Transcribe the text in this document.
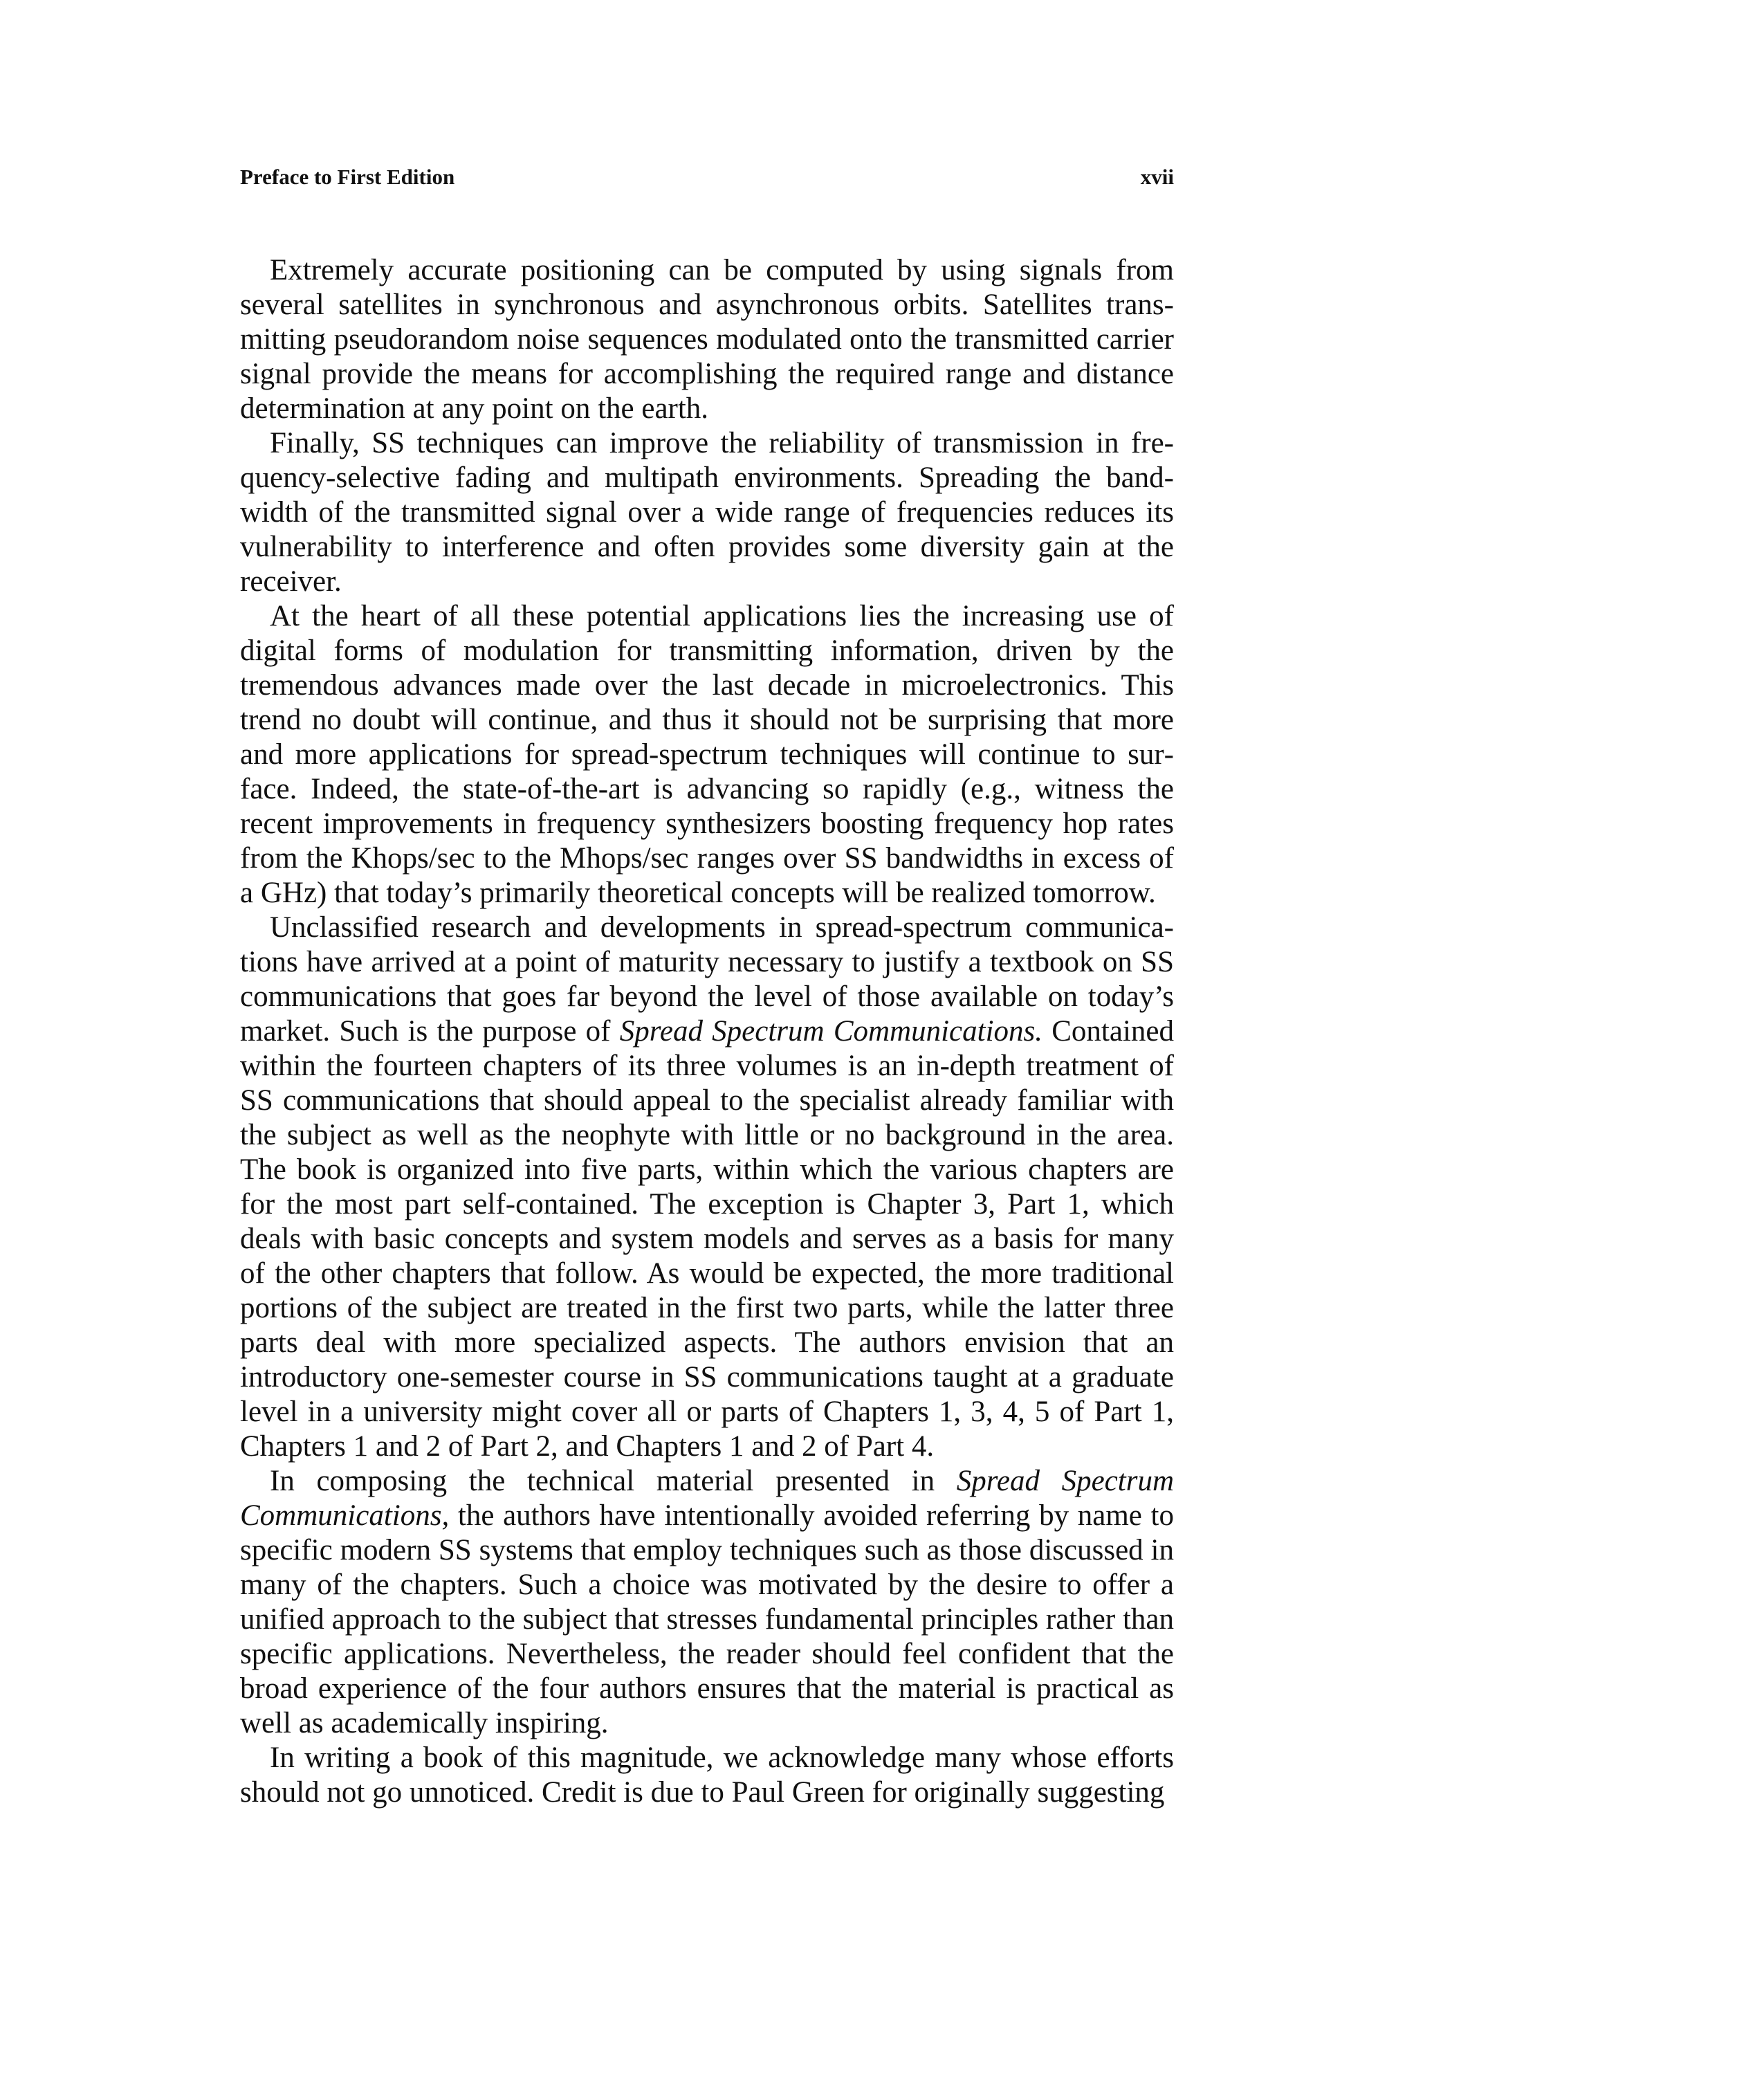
Preface to First Edition	xvii

Extremely accurate positioning can be computed by using signals from several satellites in synchronous and asynchronous orbits. Satellites transmitting pseudorandom noise sequences modulated onto the transmitted carrier signal provide the means for accomplishing the required range and distance determination at any point on the earth.

Finally, SS techniques can improve the reliability of transmission in frequency-selective fading and multipath environments. Spreading the bandwidth of the transmitted signal over a wide range of frequencies reduces its vulnerability to interference and often provides some diversity gain at the receiver.

At the heart of all these potential applications lies the increasing use of digital forms of modulation for transmitting information, driven by the tremendous advances made over the last decade in microelectronics. This trend no doubt will continue, and thus it should not be surprising that more and more applications for spread-spectrum techniques will continue to surface. Indeed, the state-of-the-art is advancing so rapidly (e.g., witness the recent improvements in frequency synthesizers boosting frequency hop rates from the Khops/sec to the Mhops/sec ranges over SS bandwidths in excess of a GHz) that today’s primarily theoretical concepts will be realized tomorrow.

Unclassified research and developments in spread-spectrum communications have arrived at a point of maturity necessary to justify a textbook on SS communications that goes far beyond the level of those available on today’s market. Such is the purpose of Spread Spectrum Communications. Contained within the fourteen chapters of its three volumes is an in-depth treatment of SS communications that should appeal to the specialist already familiar with the subject as well as the neophyte with little or no background in the area. The book is organized into five parts, within which the various chapters are for the most part self-contained. The exception is Chapter 3, Part 1, which deals with basic concepts and system models and serves as a basis for many of the other chapters that follow. As would be expected, the more traditional portions of the subject are treated in the first two parts, while the latter three parts deal with more specialized aspects. The authors envision that an introductory one-semester course in SS communications taught at a graduate level in a university might cover all or parts of Chapters 1, 3, 4, 5 of Part 1, Chapters 1 and 2 of Part 2, and Chapters 1 and 2 of Part 4.

In composing the technical material presented in Spread Spectrum Communications, the authors have intentionally avoided referring by name to specific modern SS systems that employ techniques such as those discussed in many of the chapters. Such a choice was motivated by the desire to offer a unified approach to the subject that stresses fundamental principles rather than specific applications. Nevertheless, the reader should feel confident that the broad experience of the four authors ensures that the material is practical as well as academically inspiring.

In writing a book of this magnitude, we acknowledge many whose efforts should not go unnoticed. Credit is due to Paul Green for originally suggesting
